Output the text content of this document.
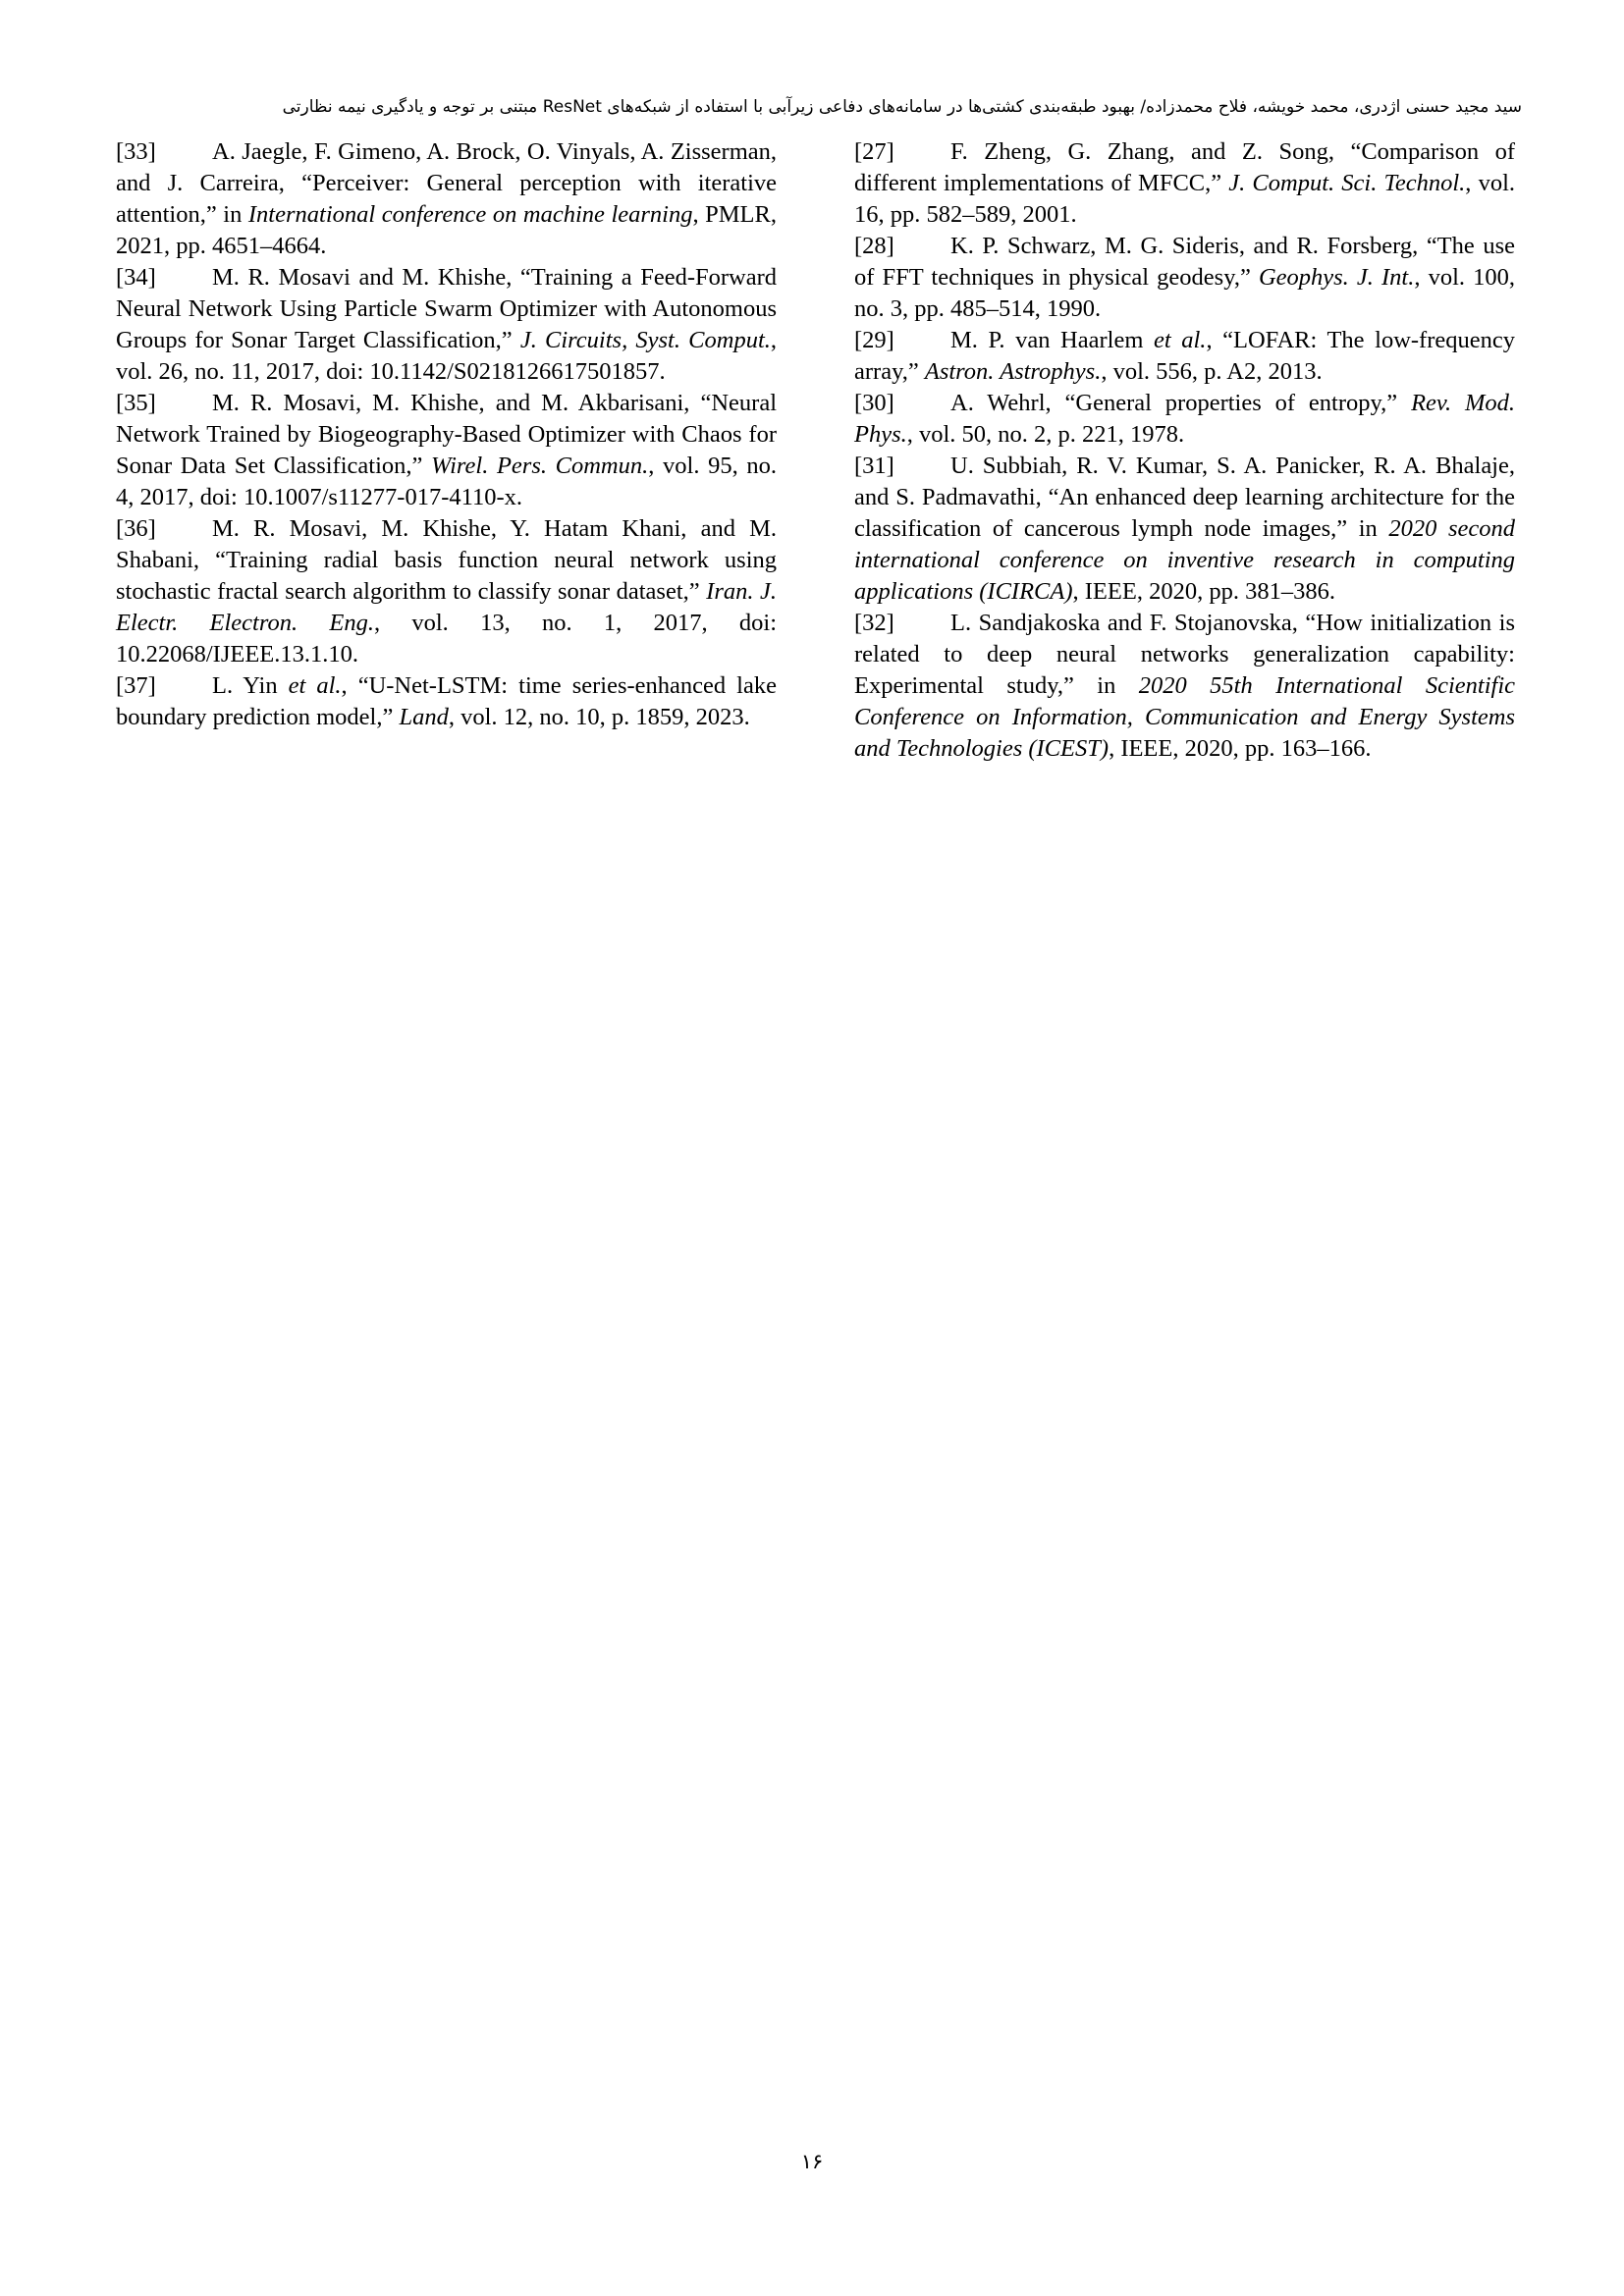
سید مجید حسنی اژدری، محمد خویشه، فلاح محمدزاده/ بهبود طبقه‌بندی کشتی‌ها در سامانه‌های دفاعی زیرآبی با استفاده از شبکه‌های ResNet مبتنی بر توجه و یادگیری نیمه نظارتی

[33] A. Jaegle, F. Gimeno, A. Brock, O. Vinyals, A. Zisserman, and J. Carreira, “Perceiver: General perception with iterative attention,” in International conference on machine learning, PMLR, 2021, pp. 4651–4664.

[34] M. R. Mosavi and M. Khishe, “Training a Feed-Forward Neural Network Using Particle Swarm Optimizer with Autonomous Groups for Sonar Target Classification,” J. Circuits, Syst. Comput., vol. 26, no. 11, 2017, doi: 10.1142/S0218126617501857.

[35] M. R. Mosavi, M. Khishe, and M. Akbarisani, “Neural Network Trained by Biogeography-Based Optimizer with Chaos for Sonar Data Set Classification,” Wirel. Pers. Commun., vol. 95, no. 4, 2017, doi: 10.1007/s11277-017-4110-x.

[36] M. R. Mosavi, M. Khishe, Y. Hatam Khani, and M. Shabani, “Training radial basis function neural network using stochastic fractal search algorithm to classify sonar dataset,” Iran. J. Electr. Electron. Eng., vol. 13, no. 1, 2017, doi: 10.22068/IJEEE.13.1.10.

[37] L. Yin et al., “U-Net-LSTM: time series-enhanced lake boundary prediction model,” Land, vol. 12, no. 10, p. 1859, 2023.

[27] F. Zheng, G. Zhang, and Z. Song, “Comparison of different implementations of MFCC,” J. Comput. Sci. Technol., vol. 16, pp. 582–589, 2001.

[28] K. P. Schwarz, M. G. Sideris, and R. Forsberg, “The use of FFT techniques in physical geodesy,” Geophys. J. Int., vol. 100, no. 3, pp. 485–514, 1990.

[29] M. P. van Haarlem et al., “LOFAR: The low-frequency array,” Astron. Astrophys., vol. 556, p. A2, 2013.

[30] A. Wehrl, “General properties of entropy,” Rev. Mod. Phys., vol. 50, no. 2, p. 221, 1978.

[31] U. Subbiah, R. V. Kumar, S. A. Panicker, R. A. Bhalaje, and S. Padmavathi, “An enhanced deep learning architecture for the classification of cancerous lymph node images,” in 2020 second international conference on inventive research in computing applications (ICIRCA), IEEE, 2020, pp. 381–386.

[32] L. Sandjakoska and F. Stojanovska, “How initialization is related to deep neural networks generalization capability: Experimental study,” in 2020 55th International Scientific Conference on Information, Communication and Energy Systems and Technologies (ICEST), IEEE, 2020, pp. 163–166.

۱۶
